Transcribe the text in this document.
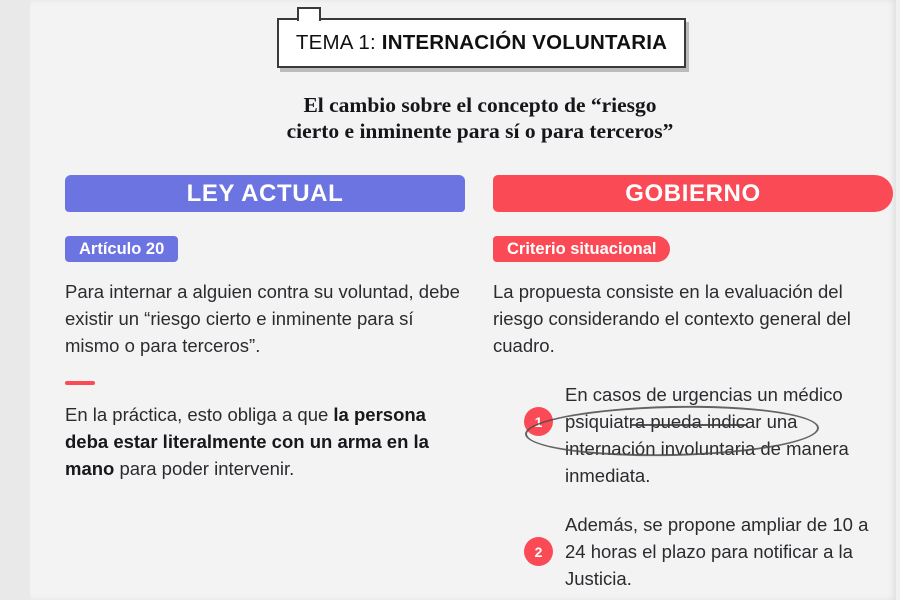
TEMA 1: INTERNACIÓN VOLUNTARIA
El cambio sobre el concepto de “riesgo
cierto e inminente para sí o para terceros”
LEY ACTUAL
Artículo 20
Para internar a alguien contra su voluntad, debe existir un “riesgo cierto e inminente para sí mismo o para terceros”.
En la práctica, esto obliga a que la persona deba estar literalmente con un arma en la mano para poder intervenir.
GOBIERNO
Criterio situacional
La propuesta consiste en la evaluación del riesgo considerando el contexto general del cuadro.
1
En casos de urgencias un médico psiquiatra pueda indicar una internación involuntaria de manera inmediata.
2
Además, se propone ampliar de 10 a 24 horas el plazo para notificar a la Justicia.
